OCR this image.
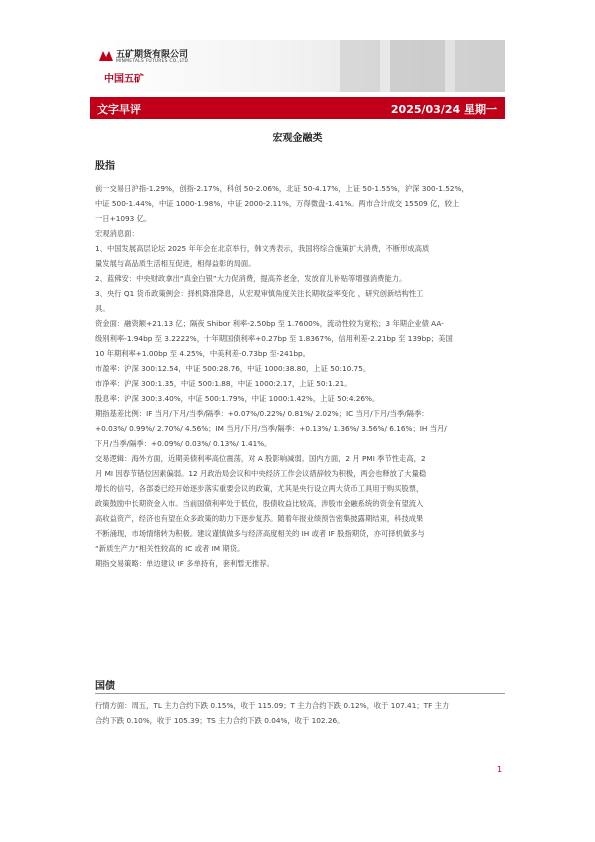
五矿期货有限公司
MINMETALS FUTURES CO.,LTD
中国五矿
文字早评	2025/03/24 星期一
宏观金融类
股指

前一交易日沪指-1.29%，创指-2.17%，科创 50-2.06%，北证 50-4.17%，上证 50-1.55%，沪深 300-1.52%，

中证 500-1.44%，中证 1000-1.98%，中证 2000-2.11%，万得微盘-1.41%。两市合计成交 15509 亿，较上

一日+1093 亿。

宏观消息面：

1、中国发展高层论坛 2025 年年会在北京举行，韩文秀表示，我国将综合施策扩大消费，不断形成高质

量发展与高品质生活相互促进，相得益彰的局面。

2、蓝佛安：中央财政拿出“真金白银”大力促消费，提高养老金、发放育儿补贴等增强消费能力。

3、央行 Q1 货币政策例会：择机降准降息，从宏观审慎角度关注长期收益率变化 ，研究创新结构性工

具。

资金面：融资额+21.13 亿；隔夜 Shibor 利率-2.50bp 至 1.7600%，流动性较为宽松；3 年期企业债 AA-

级别利率-1.94bp 至 3.2222%，十年期国债利率+0.27bp 至 1.8367%，信用利差-2.21bp 至 139bp；美国

10 年期利率+1.00bp 至 4.25%，中美利差-0.73bp 至-241bp。

市盈率：沪深 300:12.54，中证 500:28.76，中证 1000:38.80，上证 50:10.75。

市净率：沪深 300:1.35，中证 500:1.88，中证 1000:2.17，上证 50:1.21。

股息率：沪深 300:3.40%，中证 500:1.79%，中证 1000:1.42%，上证 50:4.26%。

期指基差比例：IF 当月/下月/当季/隔季：+0.07%/0.22%/ 0.81%/ 2.02%；IC 当月/下月/当季/隔季：

+0.03%/ 0.99%/ 2.70%/ 4.56%；IM 当月/下月/当季/隔季：+0.13%/ 1.36%/ 3.56%/ 6.16%；IH 当月/

下月/当季/隔季：+0.09%/ 0.03%/ 0.13%/ 1.41%。

交易逻辑：海外方面，近期美债利率高位震荡，对 A 股影响减弱。国内方面，2 月 PMI 季节性走高，2

月 MI 因春节错位因素偏弱。12 月政治局会议和中央经济工作会议措辞较为积极，两会也释放了大量稳

增长的信号，各部委已经开始逐步落实重要会议的政策，尤其是央行设立两大货币工具用于购买股票，

政策鼓励中长期资金入市。当前国债利率处于低位，股债收益比较高，涉股市金融系统的资金有望流入

高收益资产，经济也有望在众多政策的助力下逐步复苏。随着年报业绩预告密集披露期结束，科技成果

不断涌现，市场情绪转为积极。建议谨慎做多与经济高度相关的 IH 或者 IF 股指期货，亦可择机做多与

“新质生产力”相关性较高的 IC 或者 IM 期货。

期指交易策略：单边建议 IF 多单持有，套利暂无推荐。

国债

行情方面：周五，TL 主力合约下跌 0.15%，收于 115.09；T 主力合约下跌 0.12%，收于 107.41；TF 主力

合约下跌 0.10%，收于 105.39；TS 主力合约下跌 0.04%，收于 102.26。

1
